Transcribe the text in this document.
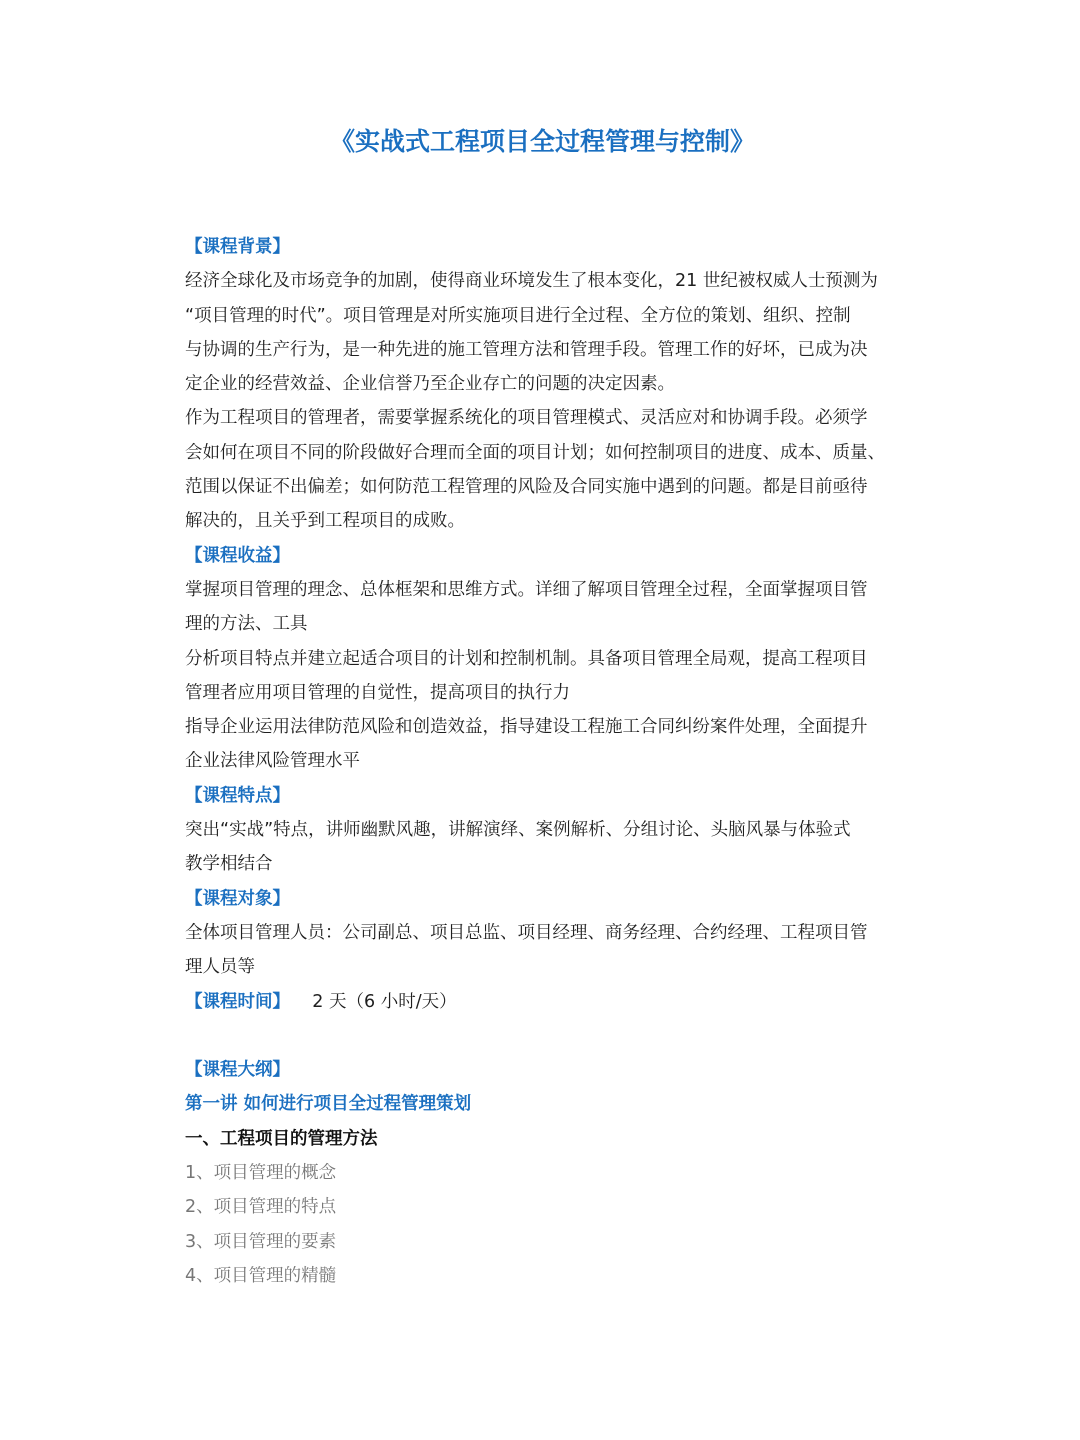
《实战式工程项目全过程管理与控制》
【课程背景】
经济全球化及市场竞争的加剧，使得商业环境发生了根本变化，21 世纪被权威人士预测为
“项目管理的时代”。项目管理是对所实施项目进行全过程、全方位的策划、组织、控制
与协调的生产行为，是一种先进的施工管理方法和管理手段。管理工作的好坏，已成为决
定企业的经营效益、企业信誉乃至企业存亡的问题的决定因素。
作为工程项目的管理者，需要掌握系统化的项目管理模式、灵活应对和协调手段。必须学
会如何在项目不同的阶段做好合理而全面的项目计划；如何控制项目的进度、成本、质量、
范围以保证不出偏差；如何防范工程管理的风险及合同实施中遇到的问题。都是目前亟待
解决的，且关乎到工程项目的成败。
【课程收益】
掌握项目管理的理念、总体框架和思维方式。详细了解项目管理全过程，全面掌握项目管
理的方法、工具
分析项目特点并建立起适合项目的计划和控制机制。具备项目管理全局观，提高工程项目
管理者应用项目管理的自觉性，提高项目的执行力
指导企业运用法律防范风险和创造效益，指导建设工程施工合同纠纷案件处理，全面提升
企业法律风险管理水平
【课程特点】
突出“实战”特点，讲师幽默风趣，讲解演绎、案例解析、分组讨论、头脑风暴与体验式
教学相结合
【课程对象】
全体项目管理人员：公司副总、项目总监、项目经理、商务经理、合约经理、工程项目管
理人员等
【课程时间】 2 天（6 小时/天）
【课程大纲】
第一讲 如何进行项目全过程管理策划
一、工程项目的管理方法
1、项目管理的概念
2、项目管理的特点
3、项目管理的要素
4、项目管理的精髓
